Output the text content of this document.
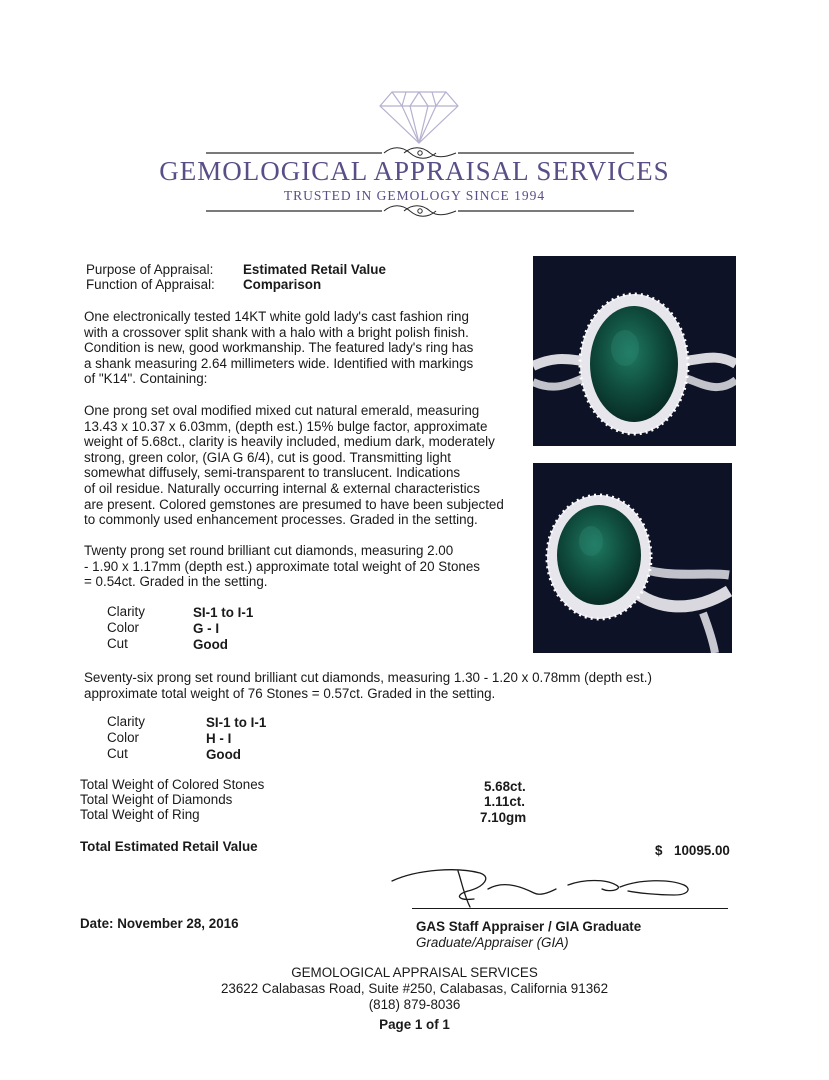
GEMOLOGICAL APPRAISAL SERVICES
TRUSTED IN GEMOLOGY SINCE 1994
Purpose of Appraisal: Estimated Retail Value
Function of Appraisal: Comparison
One electronically tested 14KT white gold lady's cast fashion ring
with a crossover split shank with a halo with a bright polish finish.
Condition is new, good workmanship. The featured lady's ring has
a shank measuring 2.64 millimeters wide. Identified with markings
of "K14". Containing:
One prong set oval modified mixed cut natural emerald, measuring
13.43 x 10.37 x 6.03mm, (depth est.) 15% bulge factor, approximate
weight of 5.68ct., clarity is heavily included, medium dark, moderately
strong, green color, (GIA G 6/4), cut is good. Transmitting light
somewhat diffusely, semi-transparent to translucent. Indications
of oil residue. Naturally occurring internal & external characteristics
are present. Colored gemstones are presumed to have been subjected
to commonly used enhancement processes. Graded in the setting.
Twenty prong set round brilliant cut diamonds, measuring 2.00
- 1.90 x 1.17mm (depth est.) approximate total weight of 20 Stones
= 0.54ct. Graded in the setting.
Clarity	SI-1 to I-1
Color	G - I
Cut	Good
Seventy-six prong set round brilliant cut diamonds, measuring 1.30 - 1.20 x 0.78mm (depth est.)
approximate total weight of 76 Stones = 0.57ct. Graded in the setting.
Clarity	SI-1 to I-1
Color	H - I
Cut	Good
Total Weight of Colored Stones	5.68ct.
Total Weight of Diamonds	1.11ct.
Total Weight of Ring	7.10gm
Total Estimated Retail Value	$ 10095.00
Date: November 28, 2016	GAS Staff Appraiser / GIA Graduate
Graduate/Appraiser (GIA)
GEMOLOGICAL APPRAISAL SERVICES
23622 Calabasas Road, Suite #250, Calabasas, California 91362
(818) 879-8036
Page 1 of 1
